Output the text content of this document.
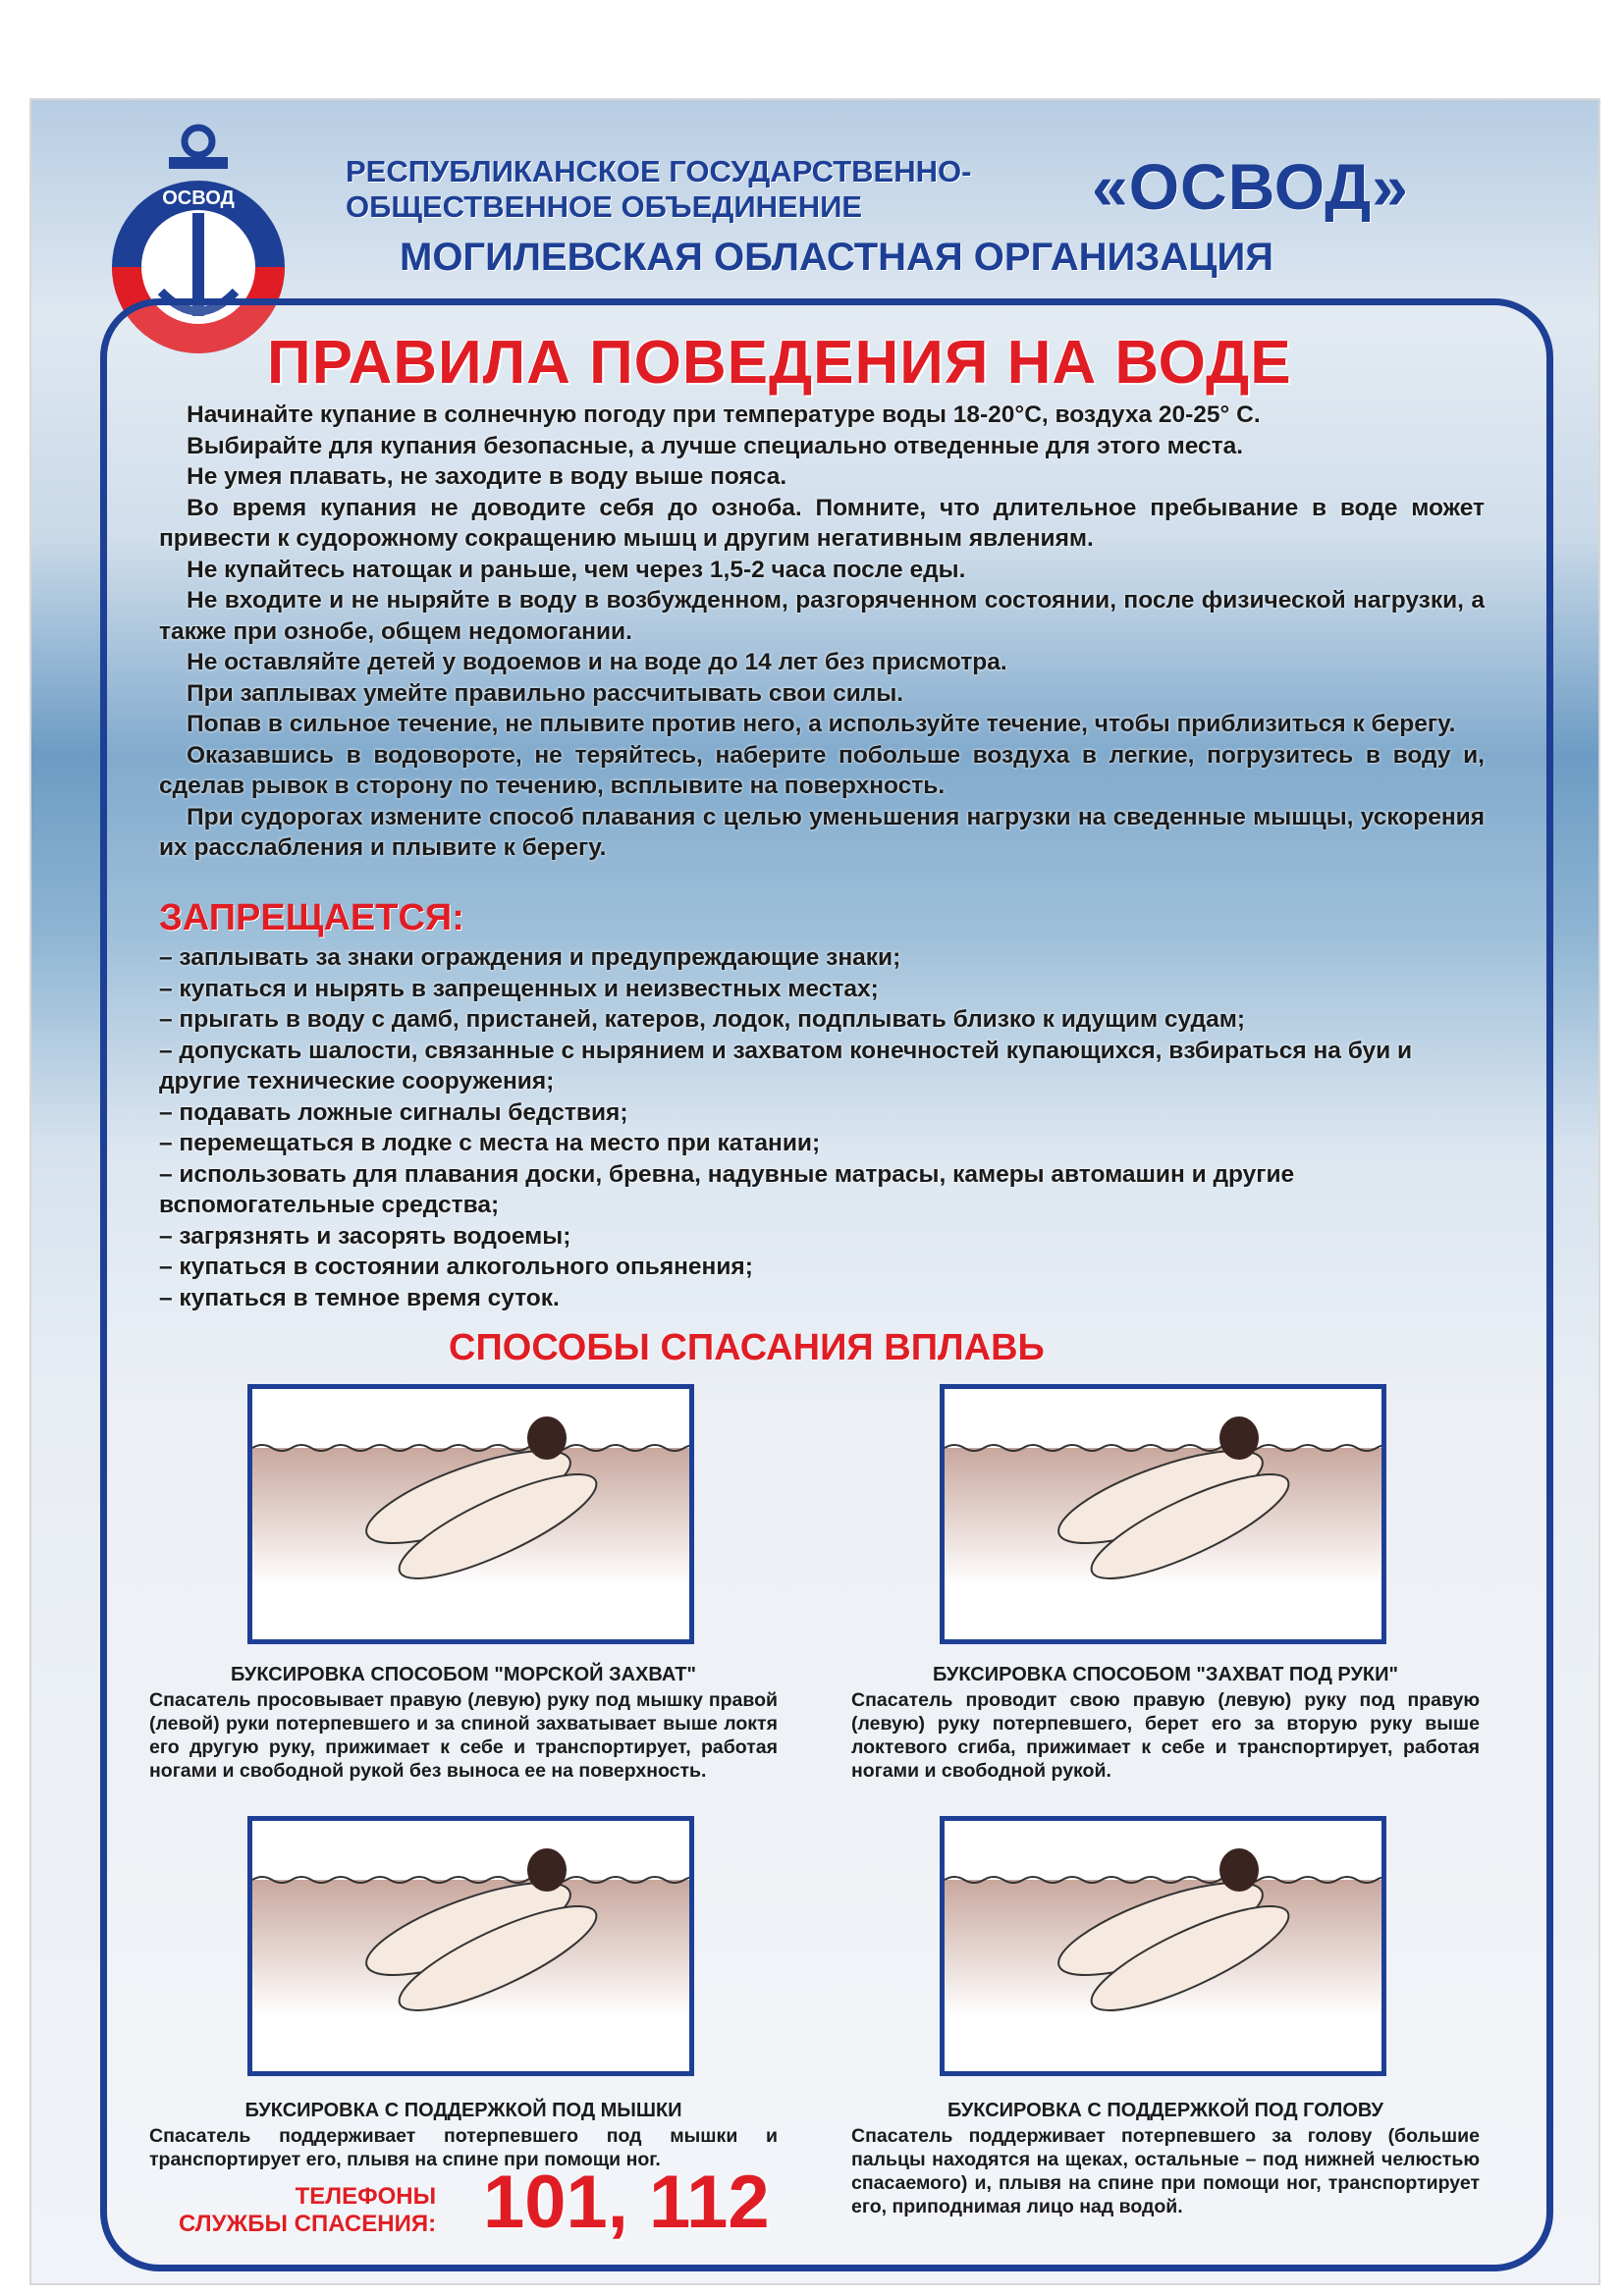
ОСВОД
РЕСПУБЛИКАНСКОЕ ГОСУДАРСТВЕННО-
ОБЩЕСТВЕННОЕ ОБЪЕДИНЕНИЕ	«ОСВОД»
МОГИЛЕВСКАЯ ОБЛАСТНАЯ ОРГАНИЗАЦИЯ
ПРАВИЛА ПОВЕДЕНИЯ НА ВОДЕ

Начинайте купание в солнечную погоду при температуре воды 18-20°С, воздуха 20-25° С.

Выбирайте для купания безопасные, а лучше специально отведенные для этого места.

Не умея плавать, не заходите в воду выше пояса.

Во время купания не доводите себя до озноба. Помните, что длительное пребывание в воде может привести к судорожному сокращению мышц и другим негативным явлениям.

Не купайтесь натощак и раньше, чем через 1,5-2 часа после еды.

Не входите и не ныряйте в воду в возбужденном, разгоряченном состоянии, после физической нагрузки, а также при ознобе, общем недомогании.

Не оставляйте детей у водоемов и на воде до 14 лет без присмотра.

При заплывах умейте правильно рассчитывать свои силы.

Попав в сильное течение, не плывите против него, а используйте течение, чтобы приблизиться к берегу.

Оказавшись в водовороте, не теряйтесь, наберите побольше воздуха в легкие, погрузитесь в воду и, сделав рывок в сторону по течению, всплывите на поверхность.

При судорогах измените способ плавания с целью уменьшения нагрузки на сведенные мышцы, ускорения их расслабления и плывите к берегу.

ЗАПРЕЩАЕТСЯ:
– заплывать за знаки ограждения и предупреждающие знаки;
– купаться и нырять в запрещенных и неизвестных местах;
– прыгать в воду с дамб, пристаней, катеров, лодок, подплывать близко к идущим судам;
– допускать шалости, связанные с нырянием и захватом конечностей купающихся, взбираться на буи и другие технические сооружения;
– подавать ложные сигналы бедствия;
– перемещаться в лодке с места на место при катании;
– использовать для плавания доски, бревна, надувные матрасы, камеры автомашин и другие вспомогательные средства;
– загрязнять и засорять водоемы;
– купаться в состоянии алкогольного опьянения;
– купаться в темное время суток.
СПОСОБЫ СПАСАНИЯ ВПЛАВЬ
БУКСИРОВКА СПОСОБОМ "МОРСКОЙ ЗАХВАТ"
Спасатель просовывает правую (левую) руку под мышку правой (левой) руки потерпевшего и за спиной захватывает выше локтя его другую руку, прижимает к себе и транспортирует, работая ногами и свободной рукой без выноса ее на поверхность.
БУКСИРОВКА СПОСОБОМ "ЗАХВАТ ПОД РУКИ"
Спасатель проводит свою правую (левую) руку под правую (левую) руку потерпевшего, берет его за вторую руку выше локтевого сгиба, прижимает к себе и транспортирует, работая ногами и свободной рукой.
БУКСИРОВКА С ПОДДЕРЖКОЙ ПОД МЫШКИ
Спасатель поддерживает потерпевшего под мышки и транспортирует его, плывя на спине при помощи ног.
БУКСИРОВКА С ПОДДЕРЖКОЙ ПОД ГОЛОВУ
Спасатель поддерживает потерпевшего за голову (большие пальцы находятся на щеках, остальные – под нижней челюстью спасаемого) и, плывя на спине при помощи ног, транспортирует его, приподнимая лицо над водой.
ТЕЛЕФОНЫ
СЛУЖБЫ СПАСЕНИЯ: 101, 112
